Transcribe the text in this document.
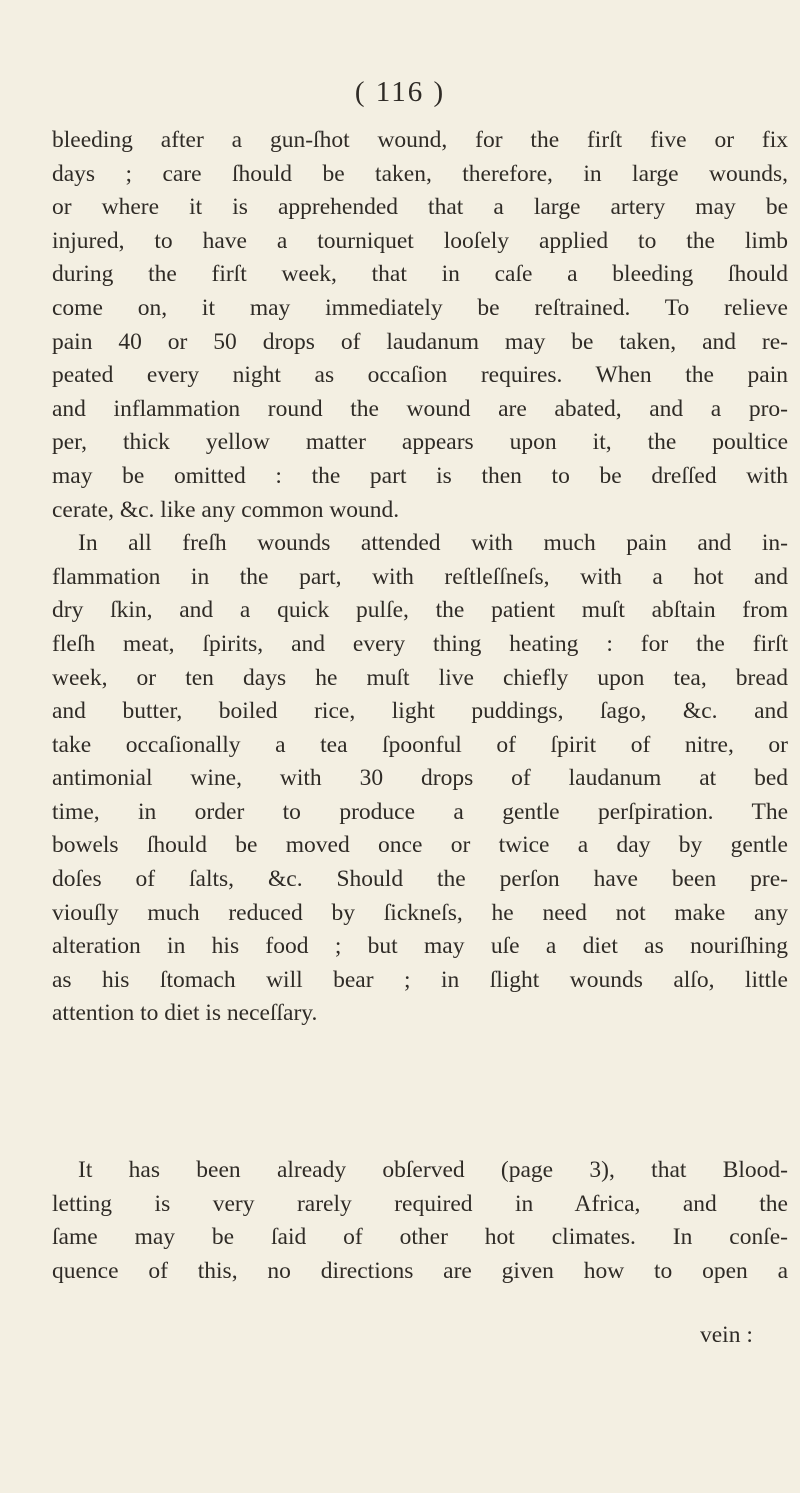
( 116 )
bleeding after a gun-ſhot wound, for the firſt five or fix
days ; care ſhould be taken, therefore, in large wounds,
or where it is apprehended that a large artery may be
injured, to have a tourniquet looſely applied to the limb
during the firſt week, that in caſe a bleeding ſhould
come on, it may immediately be reſtrained. To relieve
pain 40 or 50 drops of laudanum may be taken, and re-
peated every night as occaſion requires. When the pain
and inflammation round the wound are abated, and a pro-
per, thick yellow matter appears upon it, the poultice
may be omitted : the part is then to be dreſſed with
cerate, &c. like any common wound.
In all freſh wounds attended with much pain and in-
flammation in the part, with reſtleſſneſs, with a hot and
dry ſkin, and a quick pulſe, the patient muſt abſtain from
fleſh meat, ſpirits, and every thing heating : for the firſt
week, or ten days he muſt live chiefly upon tea, bread
and butter, boiled rice, light puddings, ſago, &c. and
take occaſionally a tea ſpoonful of ſpirit of nitre, or
antimonial wine, with 30 drops of laudanum at bed
time, in order to produce a gentle perſpiration. The
bowels ſhould be moved once or twice a day by gentle
doſes of ſalts, &c. Should the perſon have been pre-
viouſly much reduced by ſickneſs, he need not make any
alteration in his food ; but may uſe a diet as nouriſhing
as his ſtomach will bear ; in ſlight wounds alſo, little
attention to diet is neceſſary.
It has been already obſerved (page 3), that Blood-
letting is very rarely required in Africa, and the
ſame may be ſaid of other hot climates. In conſe-
quence of this, no directions are given how to open a
vein :
